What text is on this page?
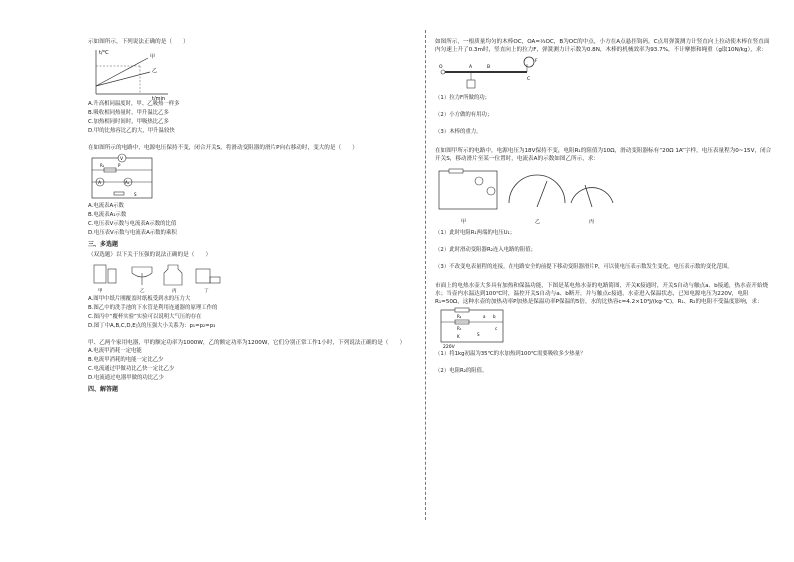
示如图所示，下列说法正确的是（　　）

t/°C
甲
乙
t/min

A.升高相同温度时，甲、乙吸热一样多

B.吸收相同热量时，甲升温比乙多

C.加热相同时间时，甲吸热比乙多

D.甲的比热容比乙的大，甲升温较快

在如图所示的电路中，电源电压保持不变，闭合开关S，将滑动变阻器的滑片P向右移动时，变大的是（　　）

V
R₁	P
A	A₁
S

A.电流表A示数

B.电流表A₁示数

C.电压表V示数与电流表A示数的比值

D.电压表V示数与电流表A示数的乘积

三、多选题

（双选题）以下关于压强的说法正确的是（　　）

甲	乙	丙	丁

A.图甲中纸片刚覆盖时纸板受到水的压力大

B.图乙中的洗手池的下水管是利用连通器的原理工作的

C.图丙中“覆杯实验”实验可以说明大气压的存在

D.图丁中A,B,C,D,E点的压强大小关系为：p₁=p₂=p₃

甲、乙两个家用电器，甲的额定功率为1000W，乙的额定功率为1200W，它们分别正常工作1小时，下列说法正确的是（　　）

A.电流甲消耗一定电能

B.电流甲消耗的电能一定比乙少

C.电流通过甲做功比乙快一定比乙少

D.电流通过电器甲做的功比乙少

四、解答题

如图所示，一根质量均匀的木棒OC，OA=⅓OC，B为OC的中点，小方在A点悬挂钩码，C点用弹簧测力计竖直向上拉动使木棒在竖直面内匀速上升了0.3m时，竖直向上的拉力F，弹簧测力计示数为0.8N，木棒的机械效率为93.7%，不计摩擦和绳重（g取10N/kg），求：

O	A	B
C
F

（1）拉力F所做的功；

（2）小方做的有用功；

（3）木棒的重力。

在如图甲所示的电路中，电源电压为18V保持不变，电阻R₁的阻值为10Ω，滑动变阻器标有“20Ω 1A”字样，电压表量程为0~15V，闭合开关S，移动滑片至某一位置时，电流表A的示数如图乙所示，求：

甲	乙	丙

（1）此时电阻R₁两端的电压U₁；

（2）此时滑动变阻器R₂连入电路的阻值；

（3）不改变电表量程的连接，在电路安全的前提下移动变阻器滑片P，可以使电压表示数发生变化，电压表示数的变化范围。

市面上的电热水壶大多具有加热和保温功能，下图是某电热水壶的电路简图，开关K接通时，开关S自动与触点a、b接通，热水壶开始烧水；当壶内水温达到100℃时，温控开关S自动与a、b断开，并与触点c接通，水壶进入保温状态，已知电源电压为220V，电阻R₁=50Ω，这种水壶的加热功率P加热是保温功率P保温的5倍，水的比热容c=4.2×10³J/(kg·℃)，R₁、R₂的电阻不受温度影响，求：

R₂
R₁
a b
c
S
K
220V

（1）将1kg初温为35℃的水加热到100℃需要吸收多少热量？

（2）电阻R₂的阻值。
